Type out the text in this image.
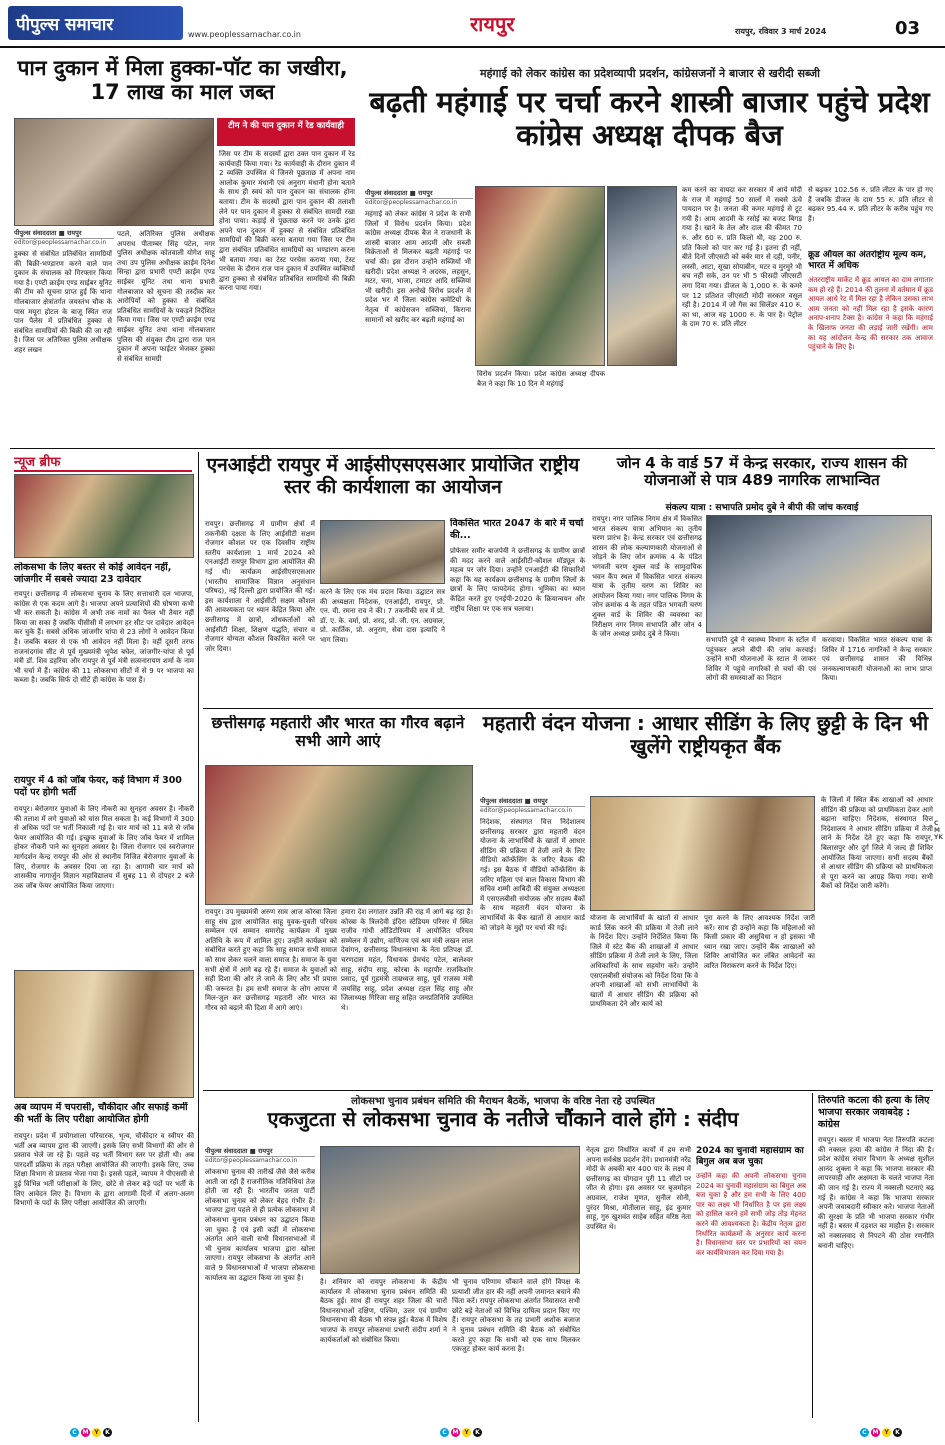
पीपुल्स समाचार	www.peoplessamachar.co.in	रायपुर	रायपुर, रविवार 3 मार्च 2024	03
पान दुकान में मिला हुक्का-पॉट का जखीरा, 17 लाख का माल जब्त
टीम ने की पान दुकान में रेड कार्यवाही
जिस पर टीम के सदस्यों द्वारा उक्त पान दुकान में रेड कार्यवाही किया गया। रेड कार्यवाही के दौरान दुकान में 2 व्यक्ति उपस्थित थे जिनसे पूछताछ में अपना नाम आलोक कुमार मंधानी एवं अनुराग मंधानी होना बताने के साथ ही स्वयं को पान दुकान का संचालक होना बताया। टीम के सदस्यों द्वारा पान दुकान की तलाशी लेने पर पान दुकान में हुक्का से संबंधित सामग्री रखा होना पाया। कड़ाई से पूछताछ करने पर उनके द्वारा अपने पान दुकान में हुक्का से संबंधित प्रतिबंधित सामग्रियों की बिक्री करना बताया गया जिस पर टीम द्वारा संबंधित प्रतिबंधित सामग्रियों का भण्डारण करना भी बताया गया। का टेस्ट परचेस कराया गया, टेस्ट परचेस के दौरान राज पान दुकान में उपस्थित व्यक्तियों द्वारा हुक्का से संबंधित प्रतिबंधित सामग्रियों की बिक्री करना पाया गया।
पीपुल्स संवाददाता ■ रायपुर
editor@peoplessamachar.co.in
हुक्का से संबंधित प्रतिबंधित सामग्रियों की बिक्री-भण्डारण करने वाले पान दुकान के संचालक को गिरफ्तार किया गया है। एण्टी क्राईम एण्ड साईबर यूनिट की टीम को सूचना प्राप्त हुई कि थाना गोलबाजार क्षेत्रांतर्गत जयस्तंभ चौक के पास मयूरा होटल के बाजू स्थित राज पान पैलेस में प्रतिबंधित हुक्का से संबंधित सामग्रियों की बिक्री की जा रही है। जिस पर अतिरिक्त पुलिस अधीक्षक शहर लखन
पटले, अतिरिक्त पुलिस अधीक्षक अपराध पीताम्बर सिंह पटेल, नगर पुलिस अधीक्षक कोतवाली योगेश साहू तथा उप पुलिस अधीक्षक क्राईम दिनेश सिन्हा द्वारा प्रभारी एण्टी क्राईम एण्ड साईबर यूनिट तथा थाना प्रभारी गोलबाजार को सूचना की तस्दीक कर आरोपियों को हुक्का से संबंधित प्रतिबंधित सामग्रियों के पकड़ने निर्देशित किया गया। जिस पर एण्टी क्राईम एण्ड साईबर यूनिट तथा थाना गोलबाजार पुलिस की संयुक्त टीम द्वारा राज पान दुकान में अपना फाईटर भेजकर हुक्का से संबंधित सामग्री
महंगाई को लेकर कांग्रेस का प्रदेशव्यापी प्रदर्शन, कांग्रेसजनों ने बाजार से खरीदी सब्जी
बढ़ती महंगाई पर चर्चा करने शास्त्री बाजार पहुंचे प्रदेश कांग्रेस अध्यक्ष दीपक बैज
पीपुल्स संवाददाता ■ रायपुर
editor@peoplessamachar.co.in
महंगाई को लेकर कांग्रेस ने प्रदेश के सभी जिलों में विरोध प्रदर्शन किया। प्रदेश कांग्रेस अध्यक्ष दीपक बैज ने राजधानी के शास्त्री बाजार आम आदमी और सब्जी विक्रेताओं से मिलकर बढ़ती महंगाई पर चर्चा की। इस दौरान उन्होंने सब्जियों भी खरीदी। प्रदेश अध्यक्ष ने अदरक, लहसुन, मटर, चना, भाजा, टमाटर आदि सब्जियां भी खरीदी। इस अनोखे विरोध प्रदर्शन में प्रदेश भर में जिला कांग्रेस कमेटियों के नेतृत्व में कांग्रेसजन सब्जियां, किराना सामानों को खरीद कर बढ़ती महंगाई का
विरोध प्रदर्शन किया। प्रदेश कांग्रेस अध्यक्ष दीपक बैज ने कहा कि 10 दिन में महंगाई
कम करने का वायदा कर सरकार में आये मोदी के राज में महंगाई 50 सालों में सबसे ऊंचे पायदान पर है। जनता की कमर महंगाई से टूट गयी है। आम आदमी के रसोई का बजट बिगड़ गया है। खाने के तेल और दाल की कीमत 70 रु. और 60 रु. प्रति किलो थी, वह 200 रु. प्रति किलो को पार कर गई है। इतना ही नहीं, बीते दिनों जीएसटी को बर्बर मार से दही, पनीर, लस्सी, आटा, सूखा सोयाबीन, मटर व मुरमुरे भी बच नहीं सके, उन पर भी 5 फीसदी जीएसटी लगा दिया गया। डीजल के 1,000 रु. के कमरे पर 12 प्रतिशत जीएसटी मोदी सरकार वसूल रही है। 2014 में जो गैस का सिलेंडर 410 रु. का था, आज वह 1000 रु. के पार है। पेट्रोल के दाम 70 रु. प्रति लीटर
से बढ़कर 102.56 रु. प्रति लीटर के पार हो गए हैं जबकि डीजल के दाम 55 रु. प्रति लीटर से बढ़कर 95.44 रु. प्रति लीटर के करीब पहुंच गए हैं।
क्रूड ऑयल का अंतर्राष्ट्रीय मूल्य कम, भारत में अधिक
अंतरराष्ट्रीय मार्केट में क्रूड आयल का दाम लगातार कम हो रहे हैं। 2014 की तुलना में वर्तमान में क्रूड आयल आधे रेट में मिल रहा है लेकिन उसका लाभ आम जनता को नहीं मिल रहा है इसके कारण अनाप-शनाप टैक्स है। कांग्रेस ने कहा कि महंगाई के खिलाफ जनता की लड़ाई जारी रखेंगी। आम का यह आंदोलन केन्द्र की सरकार तक आवाज पहुंचाने के लिए है।
न्यूज ब्रीफ
लोकसभा के लिए बस्तर से कोई आवेदन नहीं, जांजगीर में सबसे ज्यादा 23 दावेदार
रायपुर। छत्तीसगढ़ में लोकसभा चुनाव के लिए सत्ताधारी दल भाजपा, कांग्रेस से एक कदम आगे है। भाजपा अपने प्रत्याशियों की घोषणा कभी भी कर सकती है। कांग्रेस में अभी तक नामों का पैनल भी तैयार नहीं किया जा सका है जबकि पीसीसी में लगभग हर सीट पर दावेदार आवेदन कर चुके हैं। सबसे अधिक जांजगीर चांपा से 23 लोगों ने आवेदन किया है। जबकि बस्तर से एक भी आवेदन नहीं मिला है। वहीं दूसरी तरफ राजनांदगांव सीट से पूर्व मुख्यमंत्री भूपेश बघेल, जांजगीर-चांपा से पूर्व मंत्री डॉ. शिव डहरिया और रायपुर से पूर्व मंत्री सत्यनारायण शर्मा के नाम भी चर्चा में हैं। कांग्रेस की 11 लोकसभा सीटों में से 9 पर भाजपा का कब्जा है। जबकि सिर्फ दो सीटें ही कांग्रेस के पास हैं।
रायपुर में 4 को जॉब फेयर, कई विभाग में 300 पदों पर होगी भर्ती
रायपुर। बेरोजगार युवाओं के लिए नौकरी का सुनहरा अवसर है। नौकरी की तलाश में लगे युवाओं को चांस मिल सकता है। कई विभागों में 300 से अधिक पदों पर भर्ती निकाली गई है। चार मार्च को 11 बजे से जॉब फेयर आयोजित की गई। इच्छुक युवाओं के लिए जॉब फेयर में शामिल होकर नौकरी पाने का सुनहरा अवसर है। जिला रोजगार एवं स्वरोजगार मार्गदर्शन केन्द्र रायपुर की ओर से स्थानीय निजित बेरोजगार युवाओं के लिए, रोजगार के अवसर दिया जा रहा है। आगामी चार मार्च को शासकीय नागार्जुन विज्ञान महाविद्यालय में सुबह 11 से दोपहर 2 बजे तक जॉब फेयर आयोजित किया जाएगा।
अब व्यापम में चपरासी, चौकीदार और सफाई कर्मी की भर्ती के लिए परीक्षा आयोजित होगी
रायपुर। प्रदेश में प्रयोगशाला परिचारक, भृत्य, चौकीदार व स्वीपर की भर्ती अब व्यापम द्वारा की जाएगी। इसके लिए सभी विभागों की ओर से प्रस्ताव भेजे जा रहे हैं। पहले यह भर्ती विभाग स्तर पर होती थी। अब पारदर्शी प्रक्रिया के तहत परीक्षा आयोजित की जाएगी। इसके लिए, उच्च शिक्षा विभाग से प्रस्ताव भेजा गया है। इससे पहले, व्यापम ने पीएससी से हुई विभिन्न भर्ती परीक्षाओं के लिए, छोटे से लेकर बड़े पदों पर भर्ती के लिए आवेदन लिए हैं। विभाग के द्वारा आगामी दिनों में अलग-अलग विभागों के पदों के लिए परीक्षा आयोजित की जाएगी।
एनआईटी रायपुर में आईसीएसएसआर प्रायोजित राष्ट्रीय स्तर की कार्यशाला का आयोजन
रायपुर। छत्तीसगढ़ में ग्रामीण क्षेत्रों में तकनीकी दक्षता के लिए आईसीटी सक्षम रोजगार कौशल पर एक दिवसीय राष्ट्रीय स्तरीय कार्यशाला 1 मार्च 2024 को एनआईटी रायपुर विभाग द्वारा आयोजित की गई थी। कार्यक्रम आईसीएसएसआर (भारतीय सामाजिक विज्ञान अनुसंधान परिषद), नई दिल्ली द्वारा प्रायोजित की गई। इस कार्यशाला ने आईसीटी सक्षम कौशल की आवश्यकता पर ध्यान केंद्रित किया और छत्तीसगढ़ में छात्रों, शोधकर्ताओं को आईसीटी शिक्षा, शिक्षण पद्धति, संचार व रोजगार योग्यता कौशल विकसित करने पर जोर दिया।
करने के लिए एक मंच प्रदान किया। उद्घाटन सत्र की अध्यक्षता निदेशक, एनआईटी, रायपुर, प्रो. एन. वी. रमना राव ने की। 7 तकनीकी सत्र में प्रो. डॉ. ए. के. वर्मा, प्रो. शरद, प्रो. जी. एन. अग्रवाल, प्रो. कार्तिक, प्रो. अनुराग, सेवा दास इत्यादि ने भाग लिया।
विकसित भारत 2047 के बारे में चर्चा की...
प्रोफेसर समीर बाजपेयी ने छत्तीसगढ़ के ग्रामीण छात्रों की मदद करने वाले आईसीटी-कौशल मॉड्यूल के महत्व पर जोर दिया। उन्होंने एनआईटी की सिफारिशें कहा कि यह कार्यक्रम छत्तीसगढ़ के ग्रामीण जिलों के छात्रों के लिए फायदेमंद होगा। भूमिका का ध्यान केंद्रित करते हुए एनईपी-2020 के क्रियान्वयन और राष्ट्रीय शिक्षा पर एक सत्र चलाया।
जोन 4 के वार्ड 57 में केन्द्र सरकार, राज्य शासन की योजनाओं से पात्र 489 नागरिक लाभान्वित
संकल्प यात्रा : सभापति प्रमोद दुबे ने बीपी की जांच करवाई
रायपुर। नगर पालिक निगम क्षेत्र में विकसित भारत संकल्प यात्रा अभियान का तृतीय चरण प्रारंभ है। केन्द्र सरकार एवं छत्तीसगढ़ शासन की लोक कल्याणकारी योजनाओं से जोड़ने के लिए जोन क्रमांक 4 के पंडित भगवती चरण शुक्ल वार्ड के सामुदायिक भवन कैंप स्थल में विकसित भारत संकल्प यात्रा के तृतीय चरण का शिविर का आयोजन किया गया। नगर पालिक निगम के जोन क्रमांक 4 के तहत पंडित भगवती चरण शुक्ल वार्ड के शिविर की व्यवस्था का निरीक्षण नगर निगम सभापति और जोन 4 के जोन अध्यक्ष प्रमोद दुबे ने किया।
सभापति दुबे ने स्वास्थ्य विभाग के स्टॉल में पहुंचकर अपने बीपी की जांच करवाई। उन्होंने सभी योजनाओं के स्टाल में जाकर शिविर में पहुंचे नागरिकों से चर्चा की एवं लोगों की समस्याओं का निदान
करवाया। विकसित भारत संकल्प यात्रा के शिविर में 1716 नागरिकों ने केन्द्र सरकार एवं छत्तीसगढ़ शासन की विभिन्न जनकल्याणकारी योजनाओं का लाभ प्राप्त किया।
छत्तीसगढ़ महतारी और भारत का गौरव बढ़ाने सभी आगे आएं
रायपुर। उप मुख्यमंत्री अरुण साव आज कोरबा जिला साहू संघ द्वारा आयोजित साहू युवक-युवती परिचय सम्मेलन एवं सम्मान समारोह कार्यक्रम में मुख्य अतिथि के रूप में शामिल हुए। उन्होंने कार्यक्रम को संबोधित करते हुए कहा कि साहू समाज सभी समाज को साथ लेकर चलने वाला समाज है। समाज के युवा सभी क्षेत्रों में आगे बढ़ रहे हैं। समाज के युवाओं को सही दिशा की ओर ले जाने के लिए और भी प्रयास की जरूरत है। हम सभी समाज के लोग आपस में मिल-जुल कर छत्तीसगढ़ महतारी और भारत का गौरव को बढ़ाने की दिशा में आगे आएं।
हमारा देश लगातार उन्नति की राह में आगे बढ़ रहा है। कोरबा के त्रिलदेवी इंदिरा स्टेडियम परिसर में स्थित राजीव गांधी ऑडिटोरियम में आयोजित परिचय सम्मेलन में उद्योग, वाणिज्य एवं श्रम मंत्री लखन लाल देवांगन, छत्तीसगढ़ विधानसभा के नेता प्रतिपक्ष डॉ. चरणदास महंत, विधायक प्रेमचंद पटेल, बालेश्वर साहू, संदीप साहू, कोरबा के महापौर राजकिशोर प्रसाद, पूर्व गुहमंत्री ताम्रध्वज साहू, पूर्व राजस्व मंत्री जयसिंह साहू, प्रदेश अध्यक्ष टहल सिंह साहू और जिलाध्यक्ष गिरिजा साहू सहित जनप्रतिनिधि उपस्थित थे।
महतारी वंदन योजना : आधार सीडिंग के लिए छुट्टी के दिन भी खुलेंगे राष्ट्रीयकृत बैंक
पीपुल्स संवाददाता ■ रायपुर
editor@peoplessamachar.co.in
निदेशक, संस्थागत वित्त निदेशालय छत्तीसगढ़ सरकार द्वारा महतारी वंदन योजना के लाभार्थियों के खातों में आधार सीडिंग की प्रक्रिया में तेजी लाने के लिए वीडियो कॉन्फ्रेंसिंग के जरिए बैठक की गई। इस बैठक में वीडियो कॉन्फ्रेंसिंग के जरिए महिला एवं बाल विकास विभाग की सचिव शम्मी आबिदी की संयुक्त अध्यक्षता में एसएलबीसी संयोजक और सदस्य बैंकों के साथ महतारी वंदन योजना के लाभार्थियों के बैंक खातों से आधार कार्ड को जोड़ने के मुद्दों पर चर्चा की गई।
योजना के लाभार्थियों के खातों से आधार कार्ड लिंक करने की प्रक्रिया में तेजी लाने के निर्देश दिए। उन्होंने निर्देशित किया कि जिले में स्टेट बैंक की शाखाओं में आधार सीडिंग प्रक्रिया में तेजी लाने के लिए, जिला अधिकारियों के साथ सहयोग करें। उन्होंने एसएलबीसी संयोजक को निर्देश दिया कि वे अपनी शाखाओं को सभी लाभार्थियों के खातों में आधार सीडिंग की प्रक्रिया को प्राथमिकता देने और कार्य को
पूरा करने के लिए आवश्यक निर्देश जारी करें। साथ ही उन्होंने कहा कि महिलाओं को किसी प्रकार की असुविधा न हो इसका भी ध्यान रखा जाए। उन्होंने बैंक शाखाओं को शिविर आयोजित कर लंबित आवेदनों का त्वरित निराकरण करने के निर्देश दिए।
के जिलों में स्थित बैंक शाखाओं को आधार सीडिंग की प्रक्रिया को प्राथमिकता देकर आगे बढ़ाना चाहिए। निदेशक, संस्थागत वित्त निदेशालय ने आधार सीडिंग प्रक्रिया में तेजी लाने के निर्देश देते हुए कहा कि रायपुर, बिलासपुर और दुर्ग जिले में जल्द ही शिविर आयोजित किया जाएगा। सभी सदस्य बैंकों से आधार सीडिंग की प्रक्रिया को प्राथमिकता से पूरा करने का आग्रह किया गया। सभी बैंकों को निर्देश जारी करेंगे।
लोकसभा चुनाव प्रबंधन समिति की मैराथन बैठकें, भाजपा के वरिष्ठ नेता रहे उपस्थित
एकजुटता से लोकसभा चुनाव के नतीजे चौंकाने वाले होंगे : संदीप
पीपुल्स संवाददाता ■ रायपुर
editor@peoplessamachar.co.in
लोकसभा चुनाव की तारीखें जैसे जैसे करीब आती जा रही हैं राजनीतिक गतिविधियां तेज होती जा रही हैं। भारतीय जनता पार्टी लोकसभा चुनाव को लेकर बेहद गंभीर है। भाजपा द्वारा पहले से ही प्रत्येक लोकसभा में लोकसभा चुनाव प्रबंधन का उद्घाटन किया जा चुका है एवं इसी कड़ी में लोकसभा अंतर्गत आने वाली सभी विधानसभाओं में भी चुनाव कार्यालय भाजपा द्वारा खोला जाएगा। रायपुर लोकसभा के अंतर्गत आने वाले 9 विधानसभाओं में भाजपा लोकसभा कार्यालय का उद्घाटन किया जा चुका है।
है। शनिवार को रायपुर लोकसभा के केंद्रीय कार्यालय में लोकसभा चुनाव प्रबंधन समिति की बैठक हुई। साथ ही रायपुर शहर जिला की चारों विधानसभाओं दक्षिण, पश्चिम, उत्तर एवं ग्रामीण विधानसभा की बैठक भी संपन्न हुई। बैठक में विशेष भाजपा के रायपुर लोकसभा प्रभारी संदीप शर्मा ने कार्यकर्ताओं को संबोधित किया।
भी चुनाव परिणाम चौंकाने वाले होंगे विपक्ष के प्रत्याशी जीत हार की नहीं अपनी जमानत बचाने की चिंता करें। रायपुर लोकसभा अंतर्गत निवासरत सभी छोटे बड़े नेताओं को विभिन्न दायित्व प्रदान किए गए हैं। रायपुर लोकसभा के तह प्रभारी अशोक बजाज ने चुनाव प्रबंधन समिति की बैठक को संबोधित करते हुए कहा कि सभी को एक साथ मिलकर एकजुट होकर कार्य करना है।
नेतृत्व द्वारा निर्धारित कार्यों में हम सभी अपना सर्वश्रेष्ठ प्रदर्शन देंगे। प्रधानमंत्री नरेंद्र मोदी के अबकी बार 400 पार के लक्ष्य में छत्तीसगढ़ का योगदान पूरी 11 सीटों पर जीत से होगा। इस अवसर पर बृजमोहन अग्रवाल, राजेश मूणत, सुनील सोनी, पुरंदर मिश्रा, मोतीलाल साहू, इंद्र कुमार साहू, गुरु खुशवंत साहेब सहित वरिष्ठ नेता उपस्थित थे।
2024 का चुनावी महासंग्राम का बिगुल अब बज चुका
उन्होंने कहा की अपनी लोकसभा चुनाव 2024 का चुनावी महासंग्राम का बिगुल अब बज चुका है और हम सभी के लिए 400 पार का लक्ष्य भी निर्धारित है पर इस लक्ष्य को हासिल करने हमें सभी जोड़ तोड़ मेहनत करने की आवश्यकता है। केंद्रीय नेतृत्व द्वारा निर्धारित कार्यक्रमों के अनुसार कार्य करना है। विधानसभा स्तर पर प्रभारियों का चयन कर कार्यविभाजन कर दिया गया है।
तिरुपति कटला की हत्या के लिए भाजपा सरकार जवाबदेह : कांग्रेस
रायपुर। बस्तर में भाजपा नेता तिरुपति कटला की नक्सल हत्या की कांग्रेस ने निंदा की है। प्रदेश कांग्रेस संचार विभाग के अध्यक्ष सुशील आनंद शुक्ला ने कहा कि भाजपा सरकार की लापरवाही और अक्षमता के चलते भाजपा नेता की जान गई है। राज्य में नक्सली घटनाएं बढ़ गई हैं। कांग्रेस ने कहा कि भाजपा सरकार अपनी जवाबदारी स्वीकार करे। भाजपा नेताओं की सुरक्षा के प्रति भी भाजपा सरकार गंभीर नहीं है। बस्तर में दहशत का माहौल है। सरकार को नक्सलवाद से निपटने की ठोस रणनीति बनानी चाहिए।
C M Y	K	C M Y	K	C M Y	K
CMYK
